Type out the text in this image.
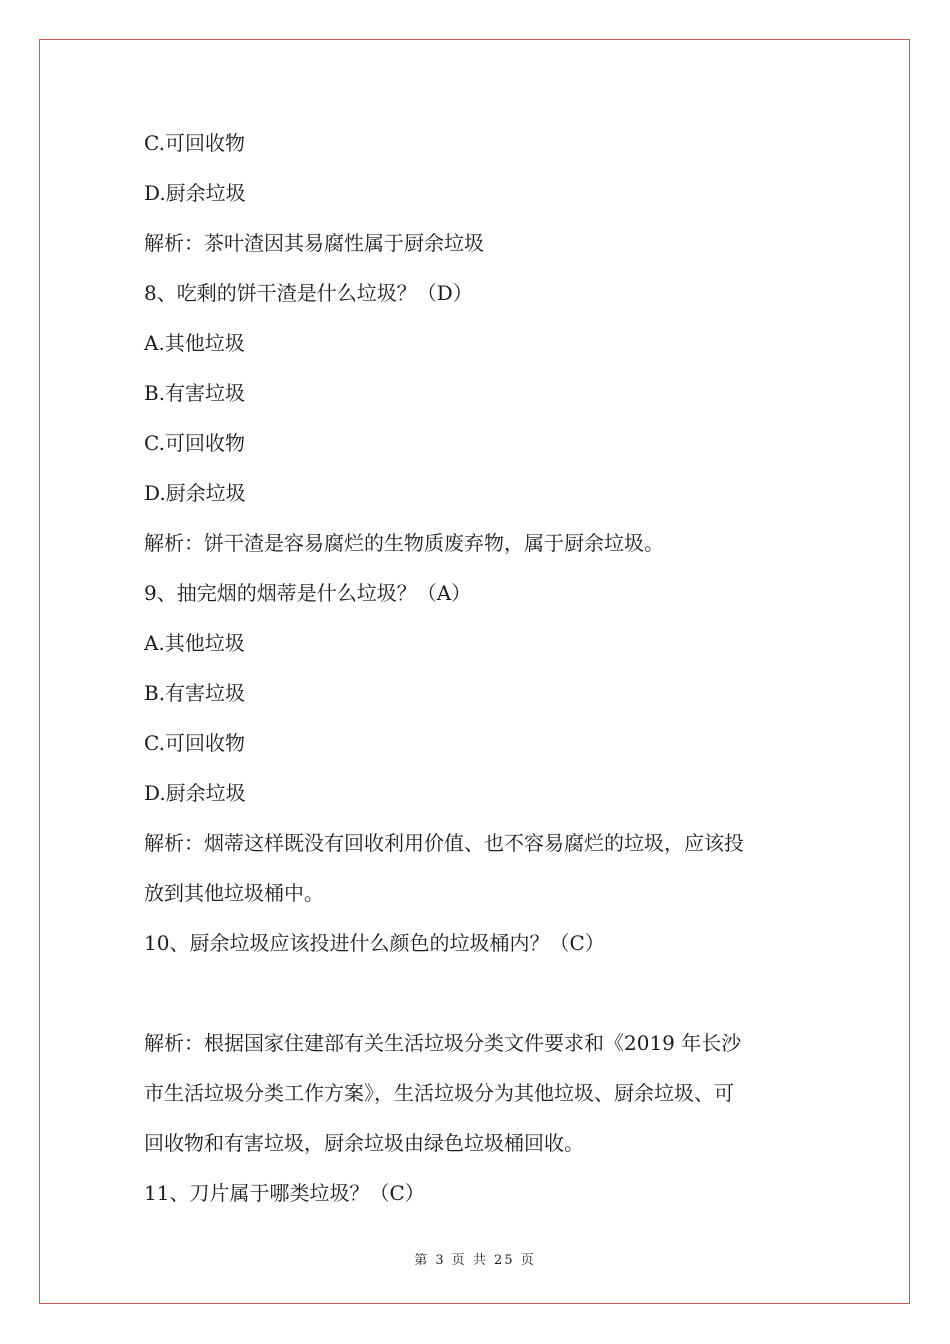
C.可回收物
D.厨余垃圾
解析：茶叶渣因其易腐性属于厨余垃圾
8、吃剩的饼干渣是什么垃圾？（D）
A.其他垃圾
B.有害垃圾
C.可回收物
D.厨余垃圾
解析：饼干渣是容易腐烂的生物质废弃物，属于厨余垃圾。
9、抽完烟的烟蒂是什么垃圾？（A）
A.其他垃圾
B.有害垃圾
C.可回收物
D.厨余垃圾
解析：烟蒂这样既没有回收利用价值、也不容易腐烂的垃圾，应该投
放到其他垃圾桶中。
10、厨余垃圾应该投进什么颜色的垃圾桶内？（C）
解析：根据国家住建部有关生活垃圾分类文件要求和《2019 年长沙
市生活垃圾分类工作方案》，生活垃圾分为其他垃圾、厨余垃圾、可
回收物和有害垃圾，厨余垃圾由绿色垃圾桶回收。
11、刀片属于哪类垃圾？（C）
第 3 页 共 25 页
